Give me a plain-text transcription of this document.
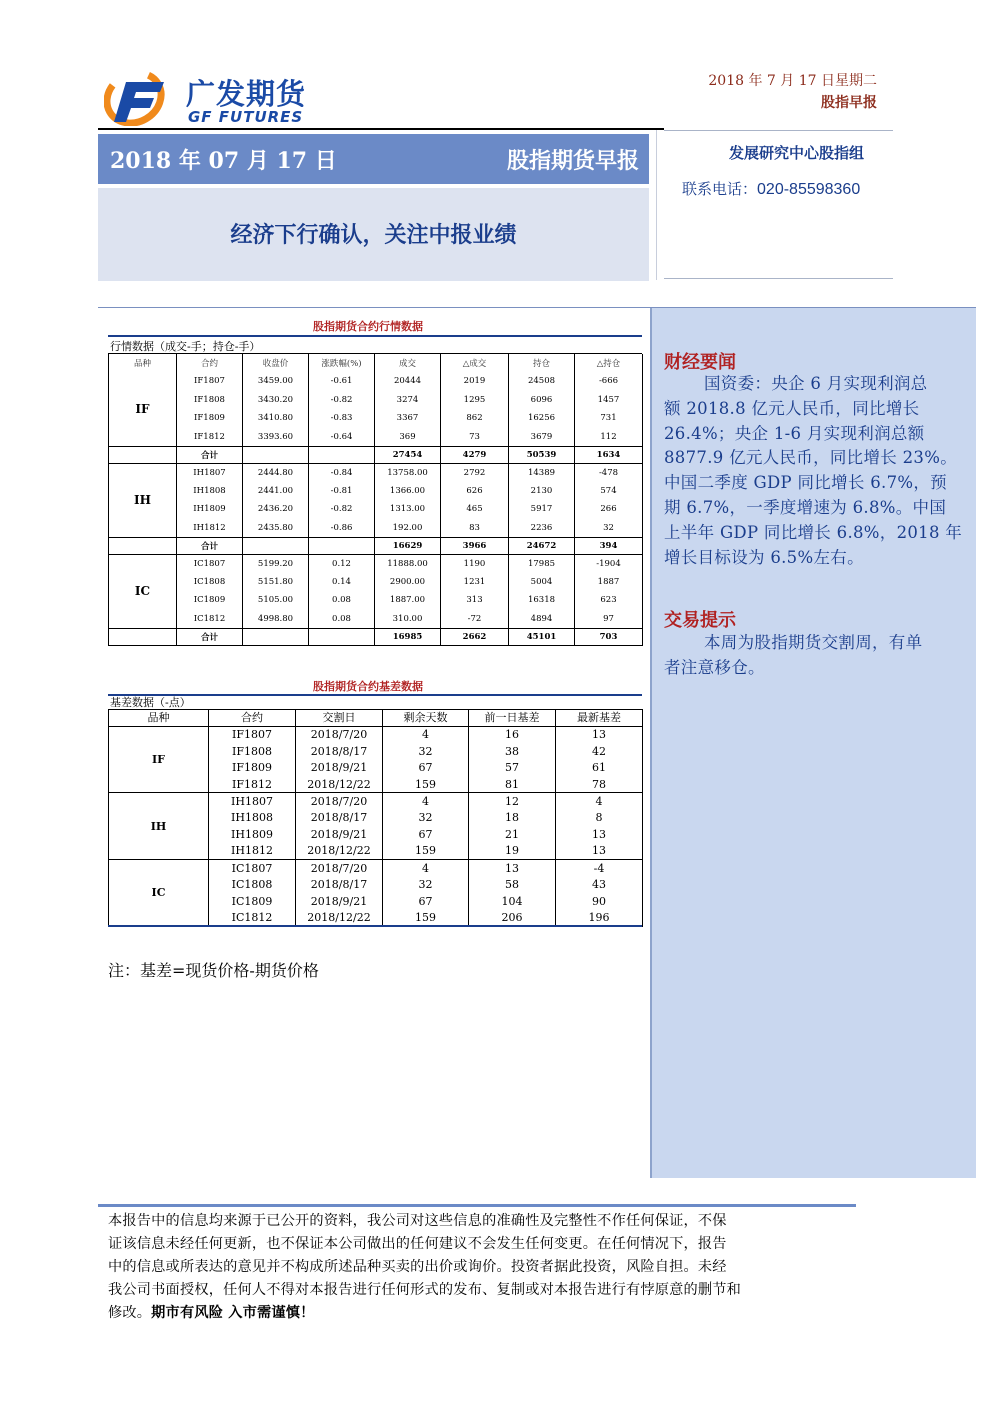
广发期货
GF FUTURES
2018 年 7 月 17 日星期二
股指早报
2018 年 07 月 17 日	股指期货早报
经济下行确认，关注中报业绩
发展研究中心股指组
联系电话：020-85598360
股指期货合约行情数据
行情数据（成交-手；持仓-手）
品种	合约	收盘价	涨跌幅(%)	成交	△成交	持仓	△持仓
IF	IF1807	3459.00	-0.61	20444	2019	24508	-666
	IF1808	3430.20	-0.82	3274	1295	6096	1457
	IF1809	3410.80	-0.83	3367	862	16256	731
	IF1812	3393.60	-0.64	369	73	3679	112
	合计			27454	4279	50539	1634
IH	IH1807	2444.80	-0.84	13758.00	2792	14389	-478
	IH1808	2441.00	-0.81	1366.00	626	2130	574
	IH1809	2436.20	-0.82	1313.00	465	5917	266
	IH1812	2435.80	-0.86	192.00	83	2236	32
	合计			16629	3966	24672	394
IC	IC1807	5199.20	0.12	11888.00	1190	17985	-1904
	IC1808	5151.80	0.14	2900.00	1231	5004	1887
	IC1809	5105.00	0.08	1887.00	313	16318	623
	IC1812	4998.80	0.08	310.00	-72	4894	97
	合计			16985	2662	45101	703
股指期货合约基差数据
基差数据（-点）
品种	合约	交割日	剩余天数	前一日基差	最新基差
IF	IF1807	2018/7/20	4	16	13
	IF1808	2018/8/17	32	38	42
	IF1809	2018/9/21	67	57	61
	IF1812	2018/12/22	159	81	78
IH	IH1807	2018/7/20	4	12	4
	IH1808	2018/8/17	32	18	8
	IH1809	2018/9/21	67	21	13
	IH1812	2018/12/22	159	19	13
IC	IC1807	2018/7/20	4	13	-4
	IC1808	2018/8/17	32	58	43
	IC1809	2018/9/21	67	104	90
	IC1812	2018/12/22	159	206	196
注：基差=现货价格-期货价格
财经要闻

国资委：央企 6 月实现利润总
额 2018.8 亿元人民币，同比增长
26.4%；央企 1-6 月实现利润总额
8877.9 亿元人民币，同比增长 23%。
中国二季度 GDP 同比增长 6.7%，预
期 6.7%，一季度增速为 6.8%。中国
上半年 GDP 同比增长 6.8%，2018 年
增长目标设为 6.5%左右。

交易提示

本周为股指期货交割周，有单
者注意移仓。

本报告中的信息均来源于已公开的资料，我公司对这些信息的准确性及完整性不作任何保证，不保
证该信息未经任何更新，也不保证本公司做出的任何建议不会发生任何变更。在任何情况下，报告
中的信息或所表达的意见并不构成所述品种买卖的出价或询价。投资者据此投资，风险自担。未经
我公司书面授权，任何人不得对本报告进行任何形式的发布、复制或对本报告进行有悖原意的删节和
修改。期市有风险 入市需谨慎！
